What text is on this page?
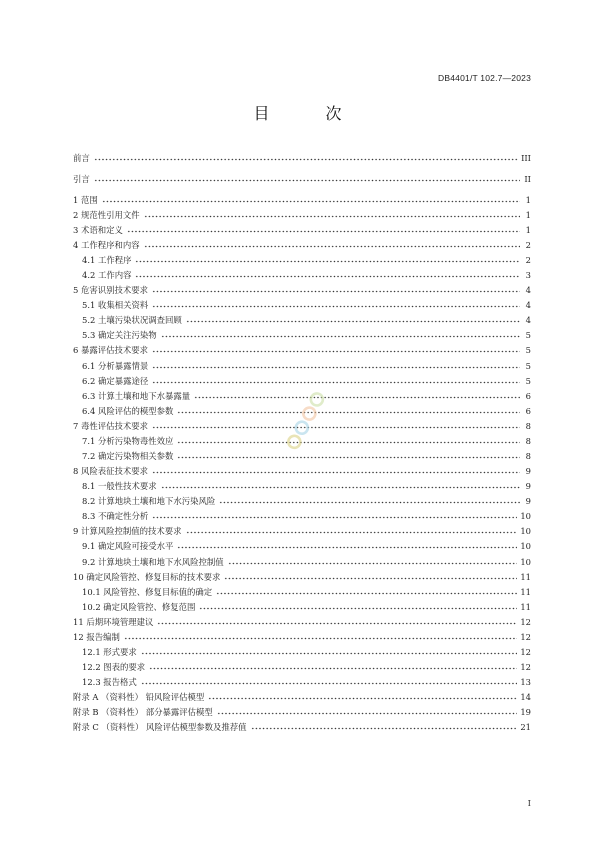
DB4401/T 102.7—2023
目　次
前言	III
引言	II
1 范围	1
2 规范性引用文件	1
3 术语和定义	1
4 工作程序和内容	2
4.1 工作程序	2
4.2 工作内容	3
5 危害识别技术要求	4
5.1 收集相关资料	4
5.2 土壤污染状况调查回顾	4
5.3 确定关注污染物	5
6 暴露评估技术要求	5
6.1 分析暴露情景	5
6.2 确定暴露途径	5
6.3 计算土壤和地下水暴露量	6
6.4 风险评估的模型参数	6
7 毒性评估技术要求	8
7.1 分析污染物毒性效应	8
7.2 确定污染物相关参数	8
8 风险表征技术要求	9
8.1 一般性技术要求	9
8.2 计算地块土壤和地下水污染风险	9
8.3 不确定性分析	10
9 计算风险控制值的技术要求	10
9.1 确定风险可接受水平	10
9.2 计算地块土壤和地下水风险控制值	10
10 确定风险管控、修复目标的技术要求	11
10.1 风险管控、修复目标值的确定	11
10.2 确定风险管控、修复范围	11
11 后期环境管理建议	12
12 报告编制	12
12.1 形式要求	12
12.2 图表的要求	12
12.3 报告格式	13
附录 A （资料性） 铅风险评估模型	14
附录 B （资料性） 部分暴露评估模型	19
附录 C （资料性） 风险评估模型参数及推荐值	21
I
